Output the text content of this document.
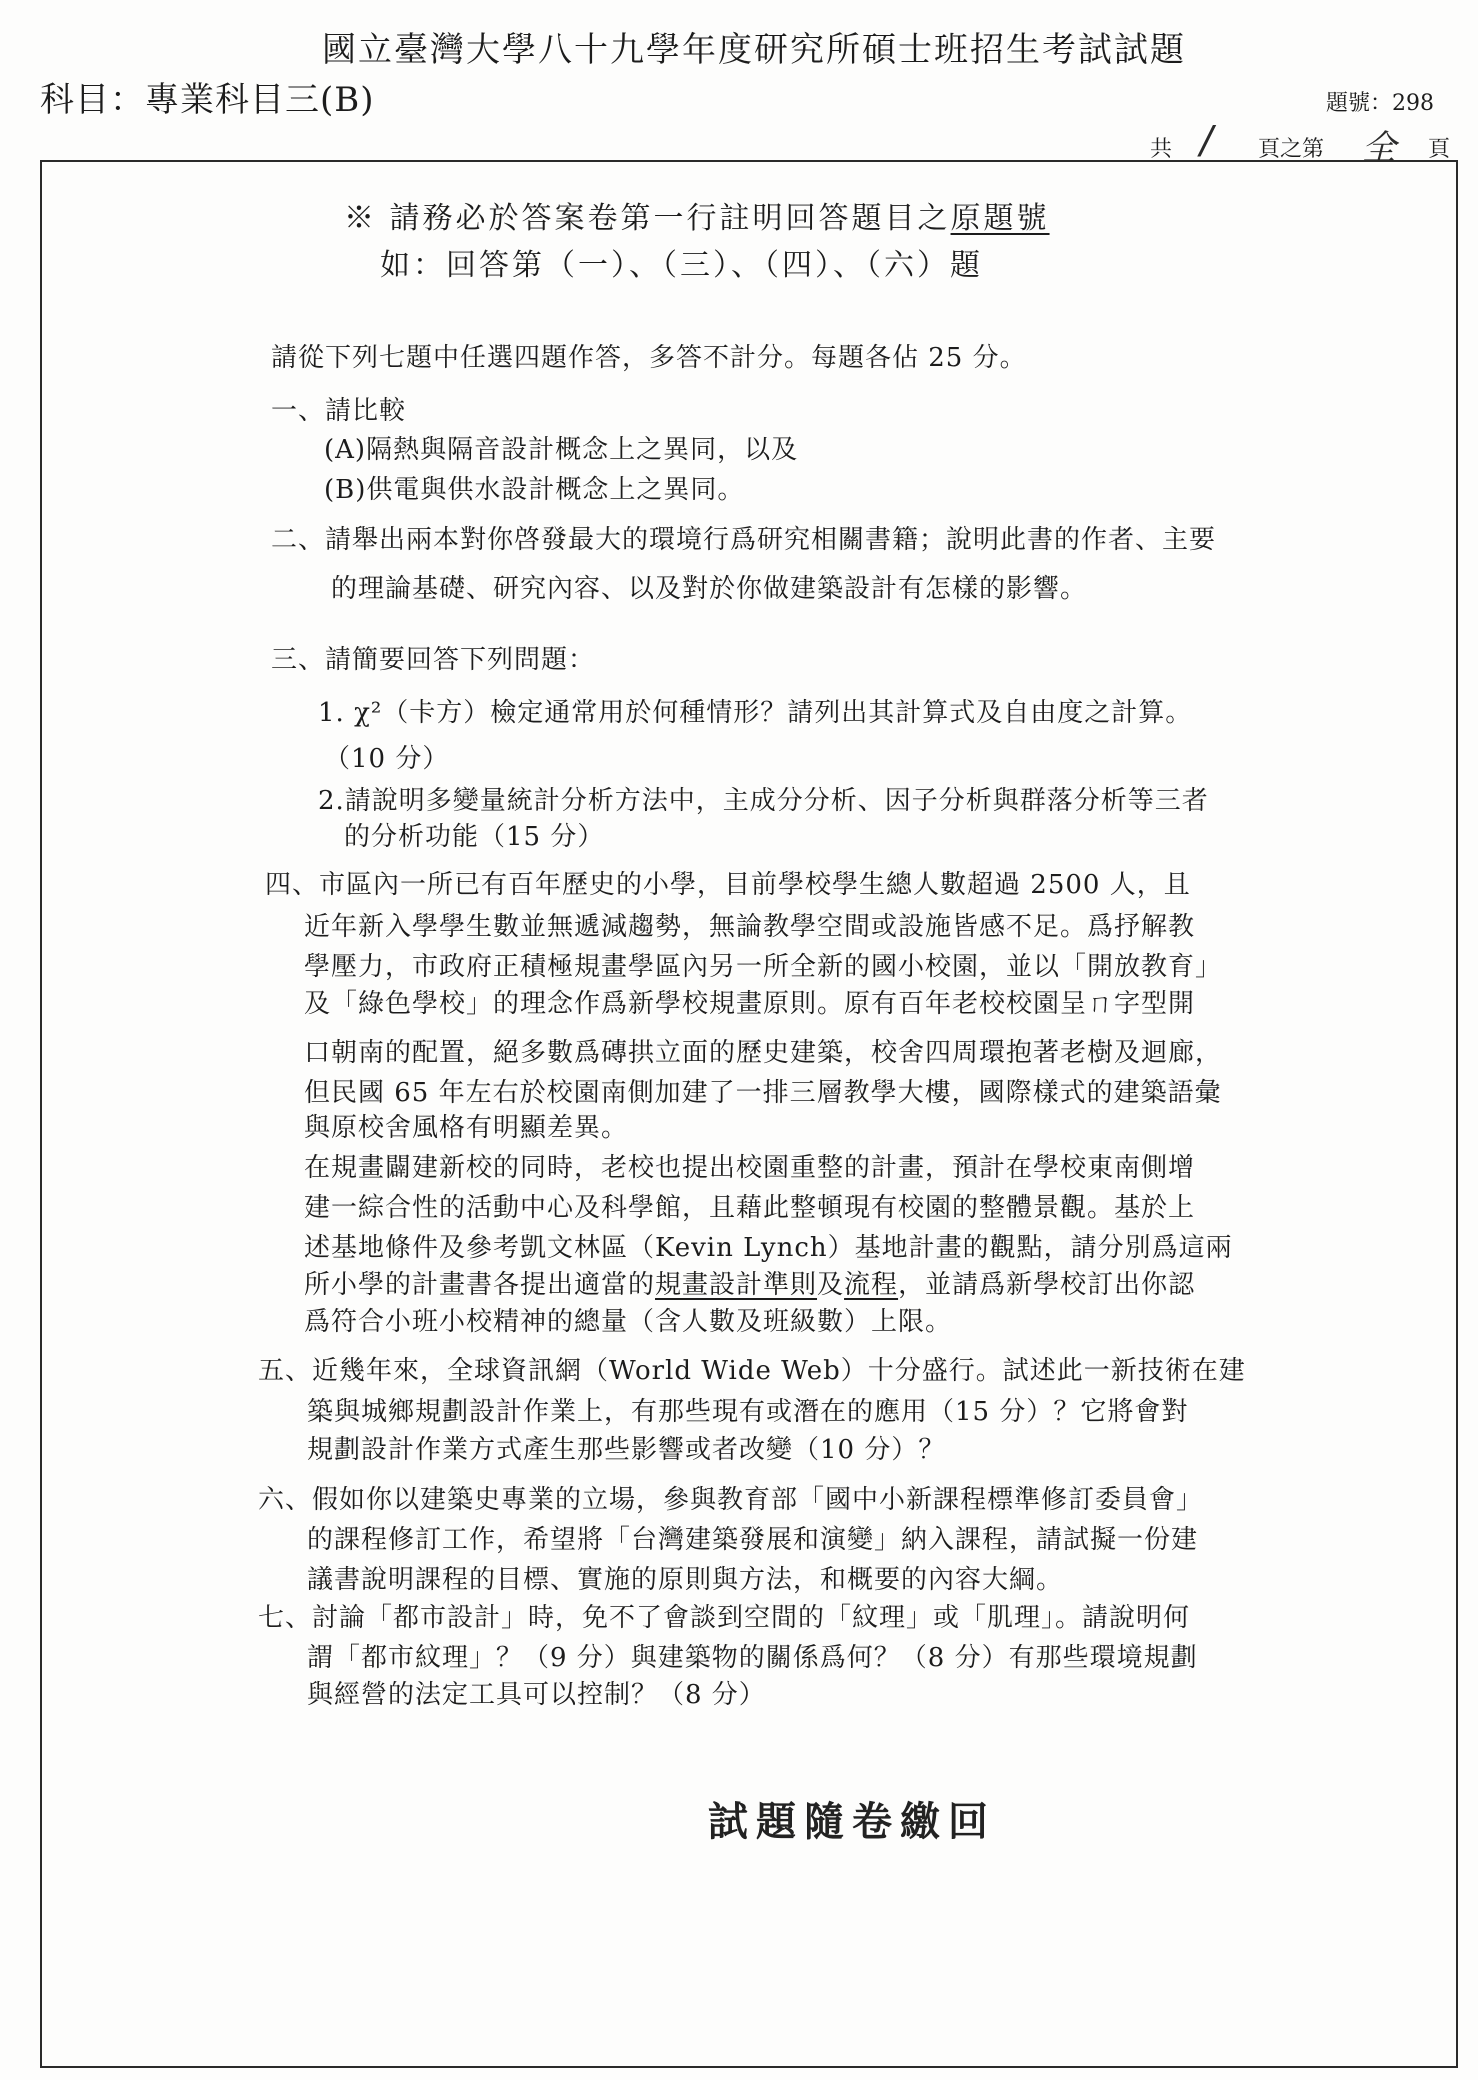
國立臺灣大學八十九學年度研究所碩士班招生考試試題
科目：專業科目三(B)	題號：298
共 / 頁之第 全 頁
※ 請務必於答案卷第一行註明回答題目之原題號
如：回答第（一）、（三）、（四）、（六）題
請從下列七題中任選四題作答，多答不計分。每題各佔 25 分。
一、請比較
(A)隔熱與隔音設計概念上之異同，以及
(B)供電與供水設計概念上之異同。
二、請舉出兩本對你啓發最大的環境行爲研究相關書籍；說明此書的作者、主要
的理論基礎、研究內容、以及對於你做建築設計有怎樣的影響。
三、請簡要回答下列問題：
1. χ²（卡方）檢定通常用於何種情形？請列出其計算式及自由度之計算。
（10 分）
2.請說明多變量統計分析方法中，主成分分析、因子分析與群落分析等三者
的分析功能（15 分）
四、市區內一所已有百年歷史的小學，目前學校學生總人數超過 2500 人，且
近年新入學學生數並無遞減趨勢，無論教學空間或設施皆感不足。爲抒解教
學壓力，市政府正積極規畫學區內另一所全新的國小校園，並以「開放教育」
及「綠色學校」的理念作爲新學校規畫原則。原有百年老校校園呈ㄇ字型開
口朝南的配置，絕多數爲磚拱立面的歷史建築，校舍四周環抱著老樹及迴廊，
但民國 65 年左右於校園南側加建了一排三層教學大樓，國際樣式的建築語彙
與原校舍風格有明顯差異。
在規畫闢建新校的同時，老校也提出校園重整的計畫，預計在學校東南側增
建一綜合性的活動中心及科學館，且藉此整頓現有校園的整體景觀。基於上
述基地條件及參考凱文林區（Kevin Lynch）基地計畫的觀點，請分別爲這兩
所小學的計畫書各提出適當的規畫設計準則及流程，並請爲新學校訂出你認
爲符合小班小校精神的總量（含人數及班級數）上限。
五、近幾年來，全球資訊網（World Wide Web）十分盛行。試述此一新技術在建
築與城鄉規劃設計作業上，有那些現有或潛在的應用（15 分）？它將會對
規劃設計作業方式產生那些影響或者改變（10 分）？
六、假如你以建築史專業的立場，參與教育部「國中小新課程標準修訂委員會」
的課程修訂工作，希望將「台灣建築發展和演變」納入課程，請試擬一份建
議書說明課程的目標、實施的原則與方法，和概要的內容大綱。
七、討論「都市設計」時，免不了會談到空間的「紋理」或「肌理」。請說明何
謂「都市紋理」？（9 分）與建築物的關係爲何？（8 分）有那些環境規劃
與經營的法定工具可以控制？（8 分）
試題隨卷繳回
